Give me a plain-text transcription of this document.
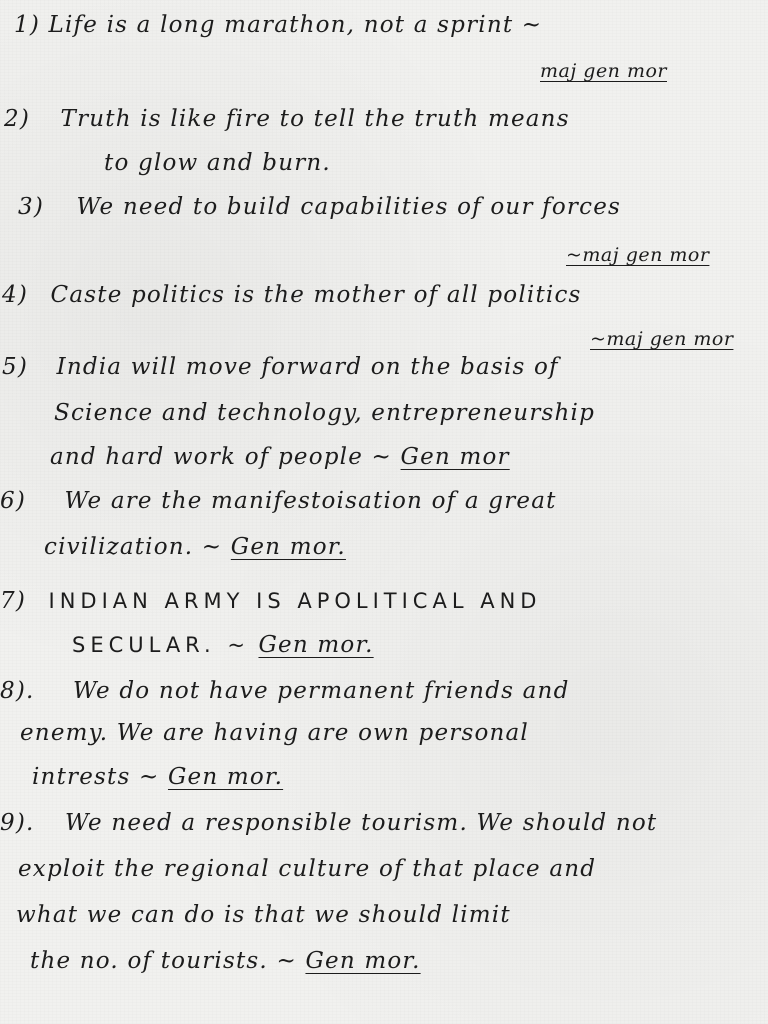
1) Life is a long marathon, not a sprint ~
maj gen mor
2) Truth is like fire to tell the truth means
to glow and burn.
3) We need to build capabilities of our forces
~maj gen mor
4) Caste politics is the mother of all politics
~maj gen mor
5) India will move forward on the basis of
Science and technology, entrepreneurship
and hard work of people ~ Gen mor
6) We are the manifestoisation of a great
civilization. ~ Gen mor.
7) INDIAN ARMY IS APOLITICAL AND
SECULAR. ~ Gen mor.
8). We do not have permanent friends and
enemy. We are having are own personal
intrests ~ Gen mor.
9). We need a responsible tourism. We should not
exploit the regional culture of that place and
what we can do is that we should limit
the no. of tourists. ~ Gen mor.
